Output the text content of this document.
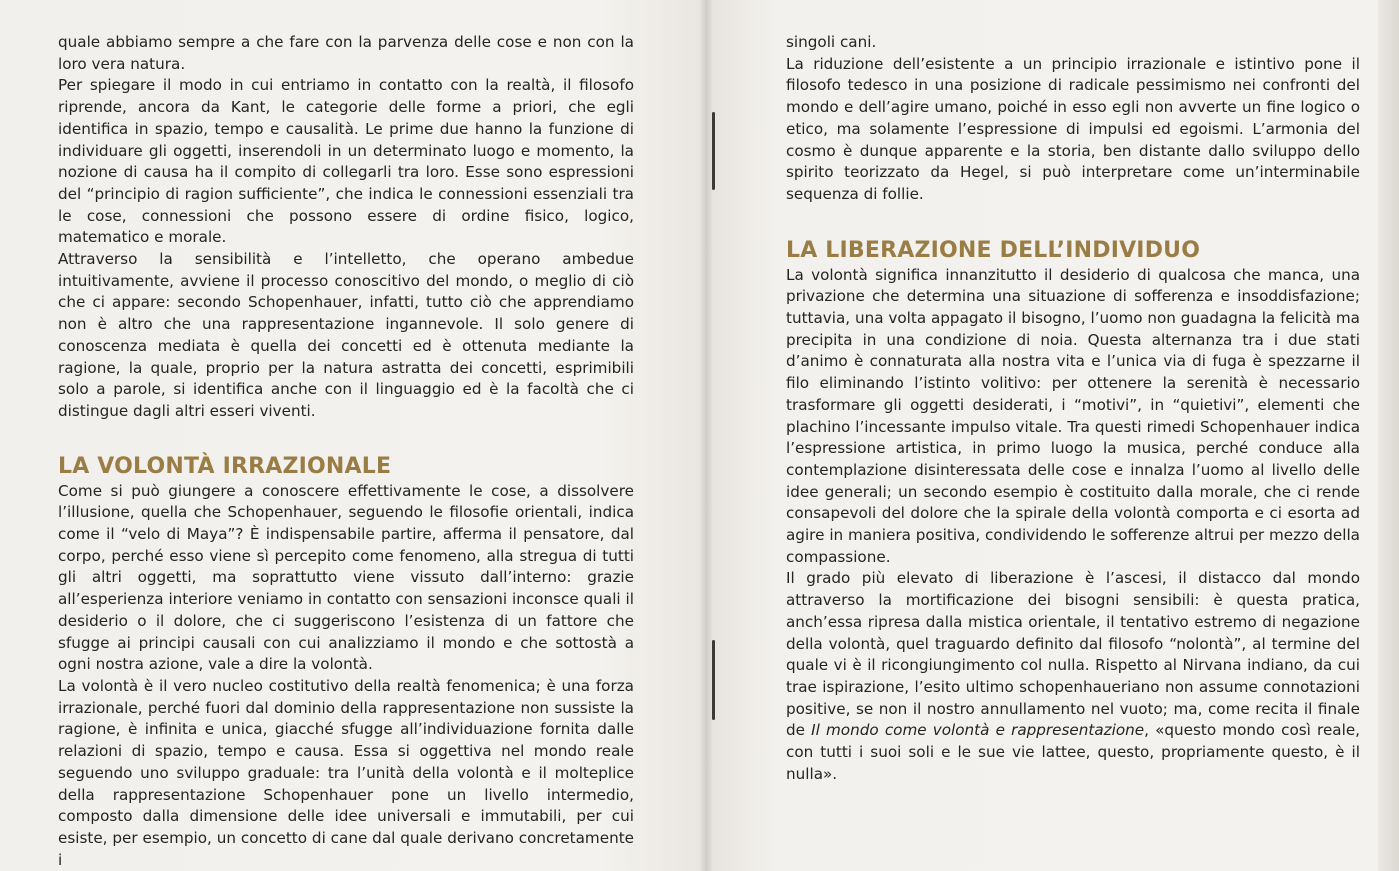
quale abbiamo sempre a che fare con la parvenza delle cose e non con la loro vera natura.

Per spiegare il modo in cui entriamo in contatto con la realtà, il filosofo riprende, ancora da Kant, le categorie delle forme a priori, che egli identifica in spazio, tempo e causalità. Le prime due hanno la funzione di individuare gli oggetti, inserendoli in un determinato luogo e momento, la nozione di causa ha il compito di collegarli tra loro. Esse sono espressioni del “principio di ragion sufficiente”, che indica le connessioni essenziali tra le cose, connessioni che possono essere di ordine fisico, logico, matematico e morale.

Attraverso la sensibilità e l’intelletto, che operano ambedue intuitivamente, avviene il processo conoscitivo del mondo, o meglio di ciò che ci appare: secondo Schopenhauer, infatti, tutto ciò che apprendiamo non è altro che una rappresentazione ingannevole. Il solo genere di conoscenza mediata è quella dei concetti ed è ottenuta mediante la ragione, la quale, proprio per la natura astratta dei concetti, esprimibili solo a parole, si identifica anche con il linguaggio ed è la facoltà che ci distingue dagli altri esseri viventi.

LA VOLONTÀ IRRAZIONALE

Come si può giungere a conoscere effettivamente le cose, a dissolvere l’illusione, quella che Schopenhauer, seguendo le filosofie orientali, indica come il “velo di Maya”? È indispensabile partire, afferma il pensatore, dal corpo, perché esso viene sì percepito come fenomeno, alla stregua di tutti gli altri oggetti, ma soprattutto viene vissuto dall’interno: grazie all’esperienza interiore veniamo in contatto con sensazioni inconsce quali il desiderio o il dolore, che ci suggeriscono l’esistenza di un fattore che sfugge ai principi causali con cui analizziamo il mondo e che sottostà a ogni nostra azione, vale a dire la volontà.

La volontà è il vero nucleo costitutivo della realtà fenomenica; è una forza irrazionale, perché fuori dal dominio della rappresentazione non sussiste la ragione, è infinita e unica, giacché sfugge all’individuazione fornita dalle relazioni di spazio, tempo e causa. Essa si oggettiva nel mondo reale seguendo uno sviluppo graduale: tra l’unità della volontà e il molteplice della rappresentazione Schopenhauer pone un livello intermedio, composto dalla dimensione delle idee universali e immutabili, per cui esiste, per esempio, un concetto di cane dal quale derivano concretamente i

singoli cani.

La riduzione dell’esistente a un principio irrazionale e istintivo pone il filosofo tedesco in una posizione di radicale pessimismo nei confronti del mondo e dell’agire umano, poiché in esso egli non avverte un fine logico o etico, ma solamente l’espressione di impulsi ed egoismi. L’armonia del cosmo è dunque apparente e la storia, ben distante dallo sviluppo dello spirito teorizzato da Hegel, si può interpretare come un’interminabile sequenza di follie.

LA LIBERAZIONE DELL’INDIVIDUO

La volontà significa innanzitutto il desiderio di qualcosa che manca, una privazione che determina una situazione di sofferenza e insoddisfazione; tuttavia, una volta appagato il bisogno, l’uomo non guadagna la felicità ma precipita in una condizione di noia. Questa alternanza tra i due stati d’animo è connaturata alla nostra vita e l’unica via di fuga è spezzarne il filo eliminando l’istinto volitivo: per ottenere la serenità è necessario trasformare gli oggetti desiderati, i “motivi”, in “quietivi”, elementi che plachino l’incessante impulso vitale. Tra questi rimedi Schopenhauer indica l’espressione artistica, in primo luogo la musica, perché conduce alla contemplazione disinteressata delle cose e innalza l’uomo al livello delle idee generali; un secondo esempio è costituito dalla morale, che ci rende consapevoli del dolore che la spirale della volontà comporta e ci esorta ad agire in maniera positiva, condividendo le sofferenze altrui per mezzo della compassione.

Il grado più elevato di liberazione è l’ascesi, il distacco dal mondo attraverso la mortificazione dei bisogni sensibili: è questa pratica, anch’essa ripresa dalla mistica orientale, il tentativo estremo di negazione della volontà, quel traguardo definito dal filosofo “nolontà”, al termine del quale vi è il ricongiungimento col nulla. Rispetto al Nirvana indiano, da cui trae ispirazione, l’esito ultimo schopenhaueriano non assume connotazioni positive, se non il nostro annullamento nel vuoto; ma, come recita il finale de Il mondo come volontà e rappresentazione, «questo mondo così reale, con tutti i suoi soli e le sue vie lattee, questo, propriamente questo, è il nulla».
